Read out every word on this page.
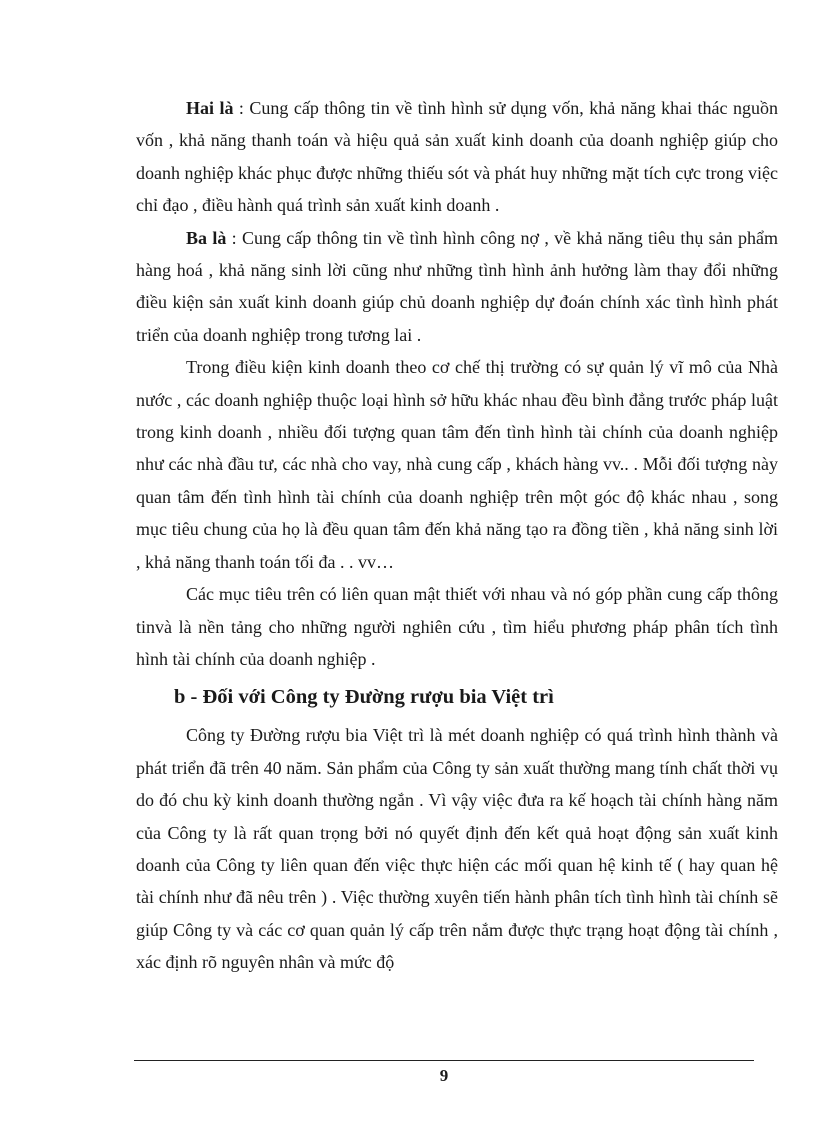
Hai là : Cung cấp thông tin về tình hình sử dụng vốn, khả năng khai thác nguồn vốn , khả năng thanh toán và hiệu quả sản xuất kinh doanh của doanh nghiệp giúp cho doanh nghiệp khác phục được những thiếu sót và phát huy những mặt tích cực trong việc chỉ đạo , điều hành quá trình sản xuất kinh doanh .

Ba là : Cung cấp thông tin về tình hình công nợ , về khả năng tiêu thụ sản phẩm hàng hoá , khả năng sinh lời cũng như những tình hình ảnh hưởng làm thay đổi những điều kiện sản xuất kinh doanh giúp chủ doanh nghiệp dự đoán chính xác tình hình phát triển của doanh nghiệp trong tương lai .

Trong điều kiện kinh doanh theo cơ chế thị trường có sự quản lý vĩ mô của Nhà nước , các doanh nghiệp thuộc loại hình sở hữu khác nhau đều bình đẳng trước pháp luật trong kinh doanh , nhiều đối tượng quan tâm đến tình hình tài chính của doanh nghiệp như các nhà đầu tư, các nhà cho vay, nhà cung cấp , khách hàng vv.. . Mỗi đối tượng này quan tâm đến tình hình tài chính của doanh nghiệp trên một góc độ khác nhau , song mục tiêu chung của họ là đều quan tâm đến khả năng tạo ra đồng tiền , khả năng sinh lời , khả năng thanh toán tối đa . . vv…

Các mục tiêu trên có liên quan mật thiết với nhau và nó góp phần cung cấp thông tinvà là nền tảng cho những người nghiên cứu , tìm hiểu phương pháp phân tích tình hình tài chính của doanh nghiệp .

b - Đối với Công ty Đường rượu bia Việt trì

Công ty Đường rượu bia Việt trì là mét doanh nghiệp có quá trình hình thành và phát triển đã trên 40 năm. Sản phẩm của Công ty sản xuất thường mang tính chất thời vụ do đó chu kỳ kinh doanh thường ngắn . Vì vậy việc đưa ra kế hoạch tài chính hàng năm của Công ty là rất quan trọng bởi nó quyết định đến kết quả hoạt động sản xuất kinh doanh của Công ty liên quan đến việc thực hiện các mối quan hệ kinh tế ( hay quan hệ tài chính như đã nêu trên ) . Việc thường xuyên tiến hành phân tích tình hình tài chính sẽ giúp Công ty và các cơ quan quản lý cấp trên nắm được thực trạng hoạt động tài chính , xác định rõ nguyên nhân và mức độ

9
